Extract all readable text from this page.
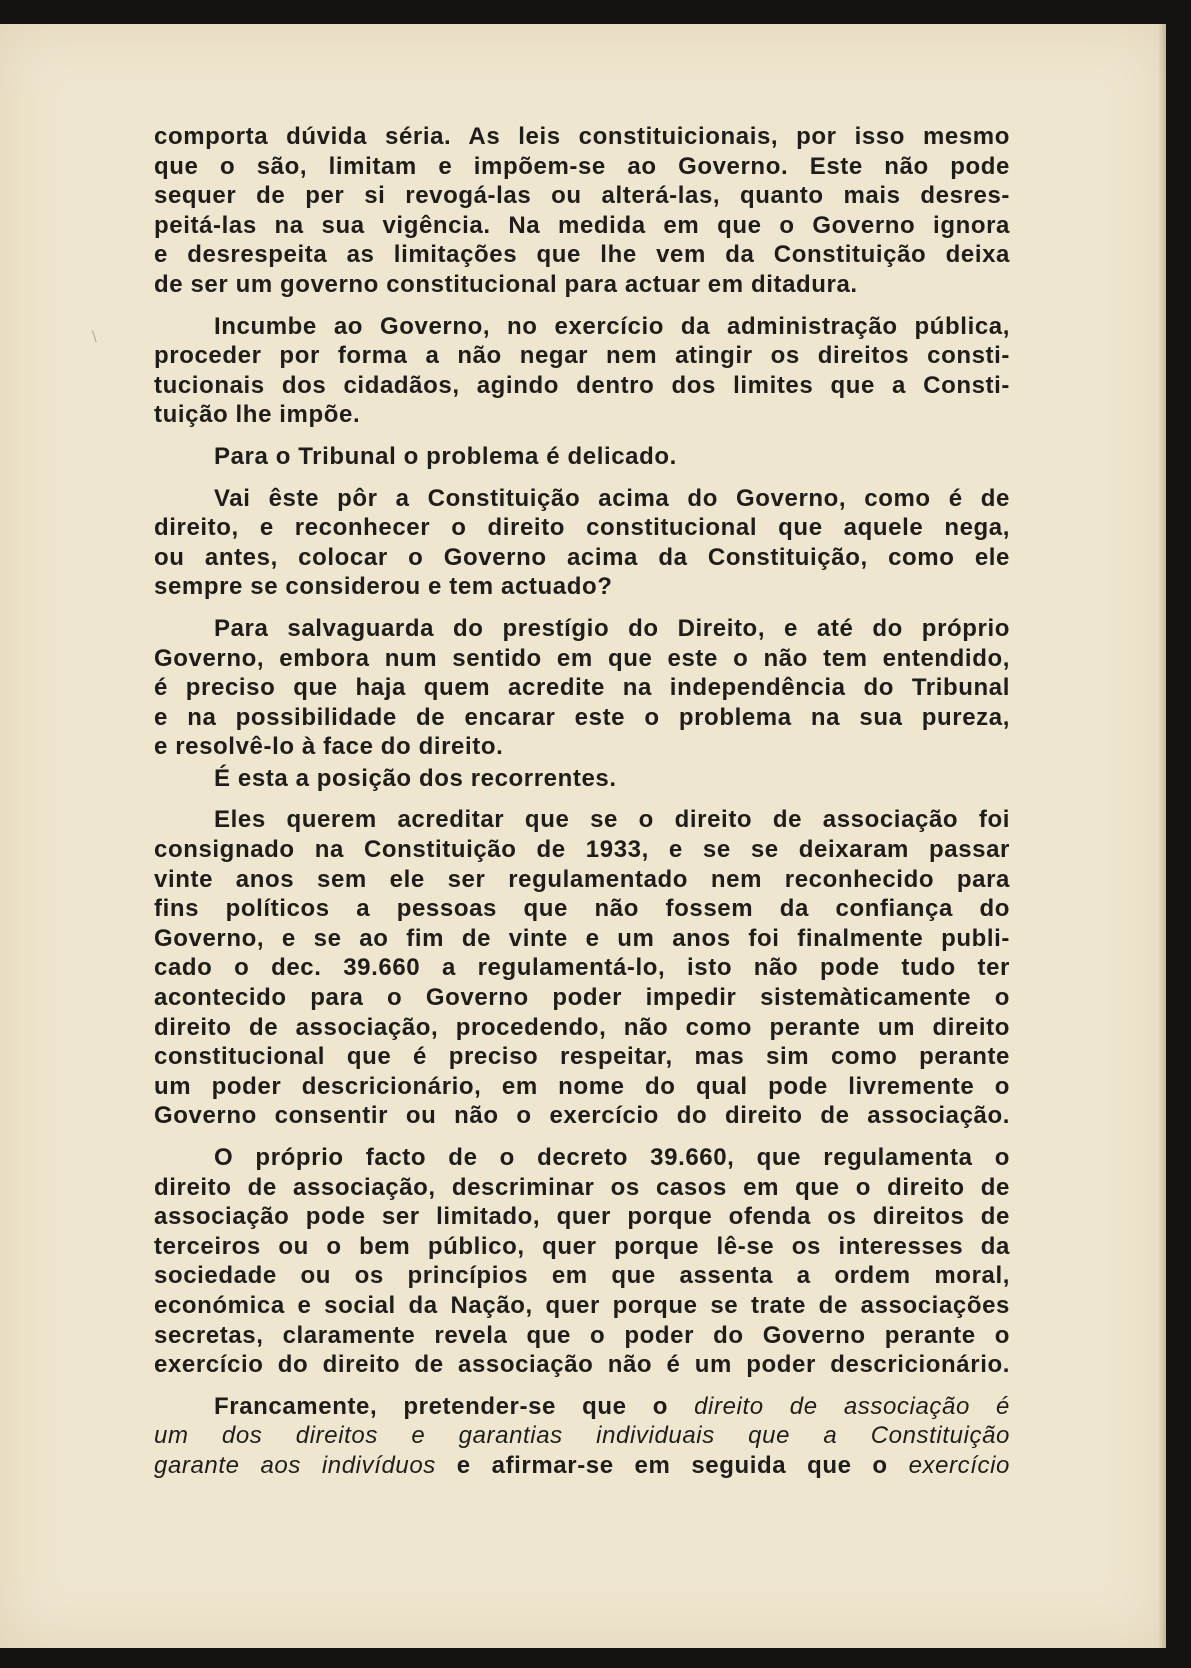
\
comporta dúvida séria. As leis constituicionais, por isso mesmo
que o são, limitam e impõem-se ao Governo. Este não pode
sequer de per si revogá-las ou alterá-las, quanto mais desres-
peitá-las na sua vigência. Na medida em que o Governo ignora
e desrespeita as limitações que lhe vem da Constituição deixa
de ser um governo constitucional para actuar em ditadura.
Incumbe ao Governo, no exercício da administração pública,
proceder por forma a não negar nem atingir os direitos consti-
tucionais dos cidadãos, agindo dentro dos limites que a Consti-
tuição lhe impõe.
Para o Tribunal o problema é delicado.
Vai êste pôr a Constituição acima do Governo, como é de
direito, e reconhecer o direito constitucional que aquele nega,
ou antes, colocar o Governo acima da Constituição, como ele
sempre se considerou e tem actuado?
Para salvaguarda do prestígio do Direito, e até do próprio
Governo, embora num sentido em que este o não tem entendido,
é preciso que haja quem acredite na independência do Tribunal
e na possibilidade de encarar este o problema na sua pureza,
e resolvê-lo à face do direito.
É esta a posição dos recorrentes.
Eles querem acreditar que se o direito de associação foi
consignado na Constituição de 1933, e se se deixaram passar
vinte anos sem ele ser regulamentado nem reconhecido para
fins políticos a pessoas que não fossem da confiança do
Governo, e se ao fim de vinte e um anos foi finalmente publi-
cado o dec. 39.660 a regulamentá-lo, isto não pode tudo ter
acontecido para o Governo poder impedir sistemàticamente o
direito de associação, procedendo, não como perante um direito
constitucional que é preciso respeitar, mas sim como perante
um poder descricionário, em nome do qual pode livremente o
Governo consentir ou não o exercício do direito de associação.
O próprio facto de o decreto 39.660, que regulamenta o
direito de associação, descriminar os casos em que o direito de
associação pode ser limitado, quer porque ofenda os direitos de
terceiros ou o bem público, quer porque lê-se os interesses da
sociedade ou os princípios em que assenta a ordem moral,
económica e social da Nação, quer porque se trate de associações
secretas, claramente revela que o poder do Governo perante o
exercício do direito de associação não é um poder descricionário.
Francamente, pretender-se que o direito de associação é
um dos direitos e garantias individuais que a Constituição
garante aos indivíduos e afirmar-se em seguida que o exercício
